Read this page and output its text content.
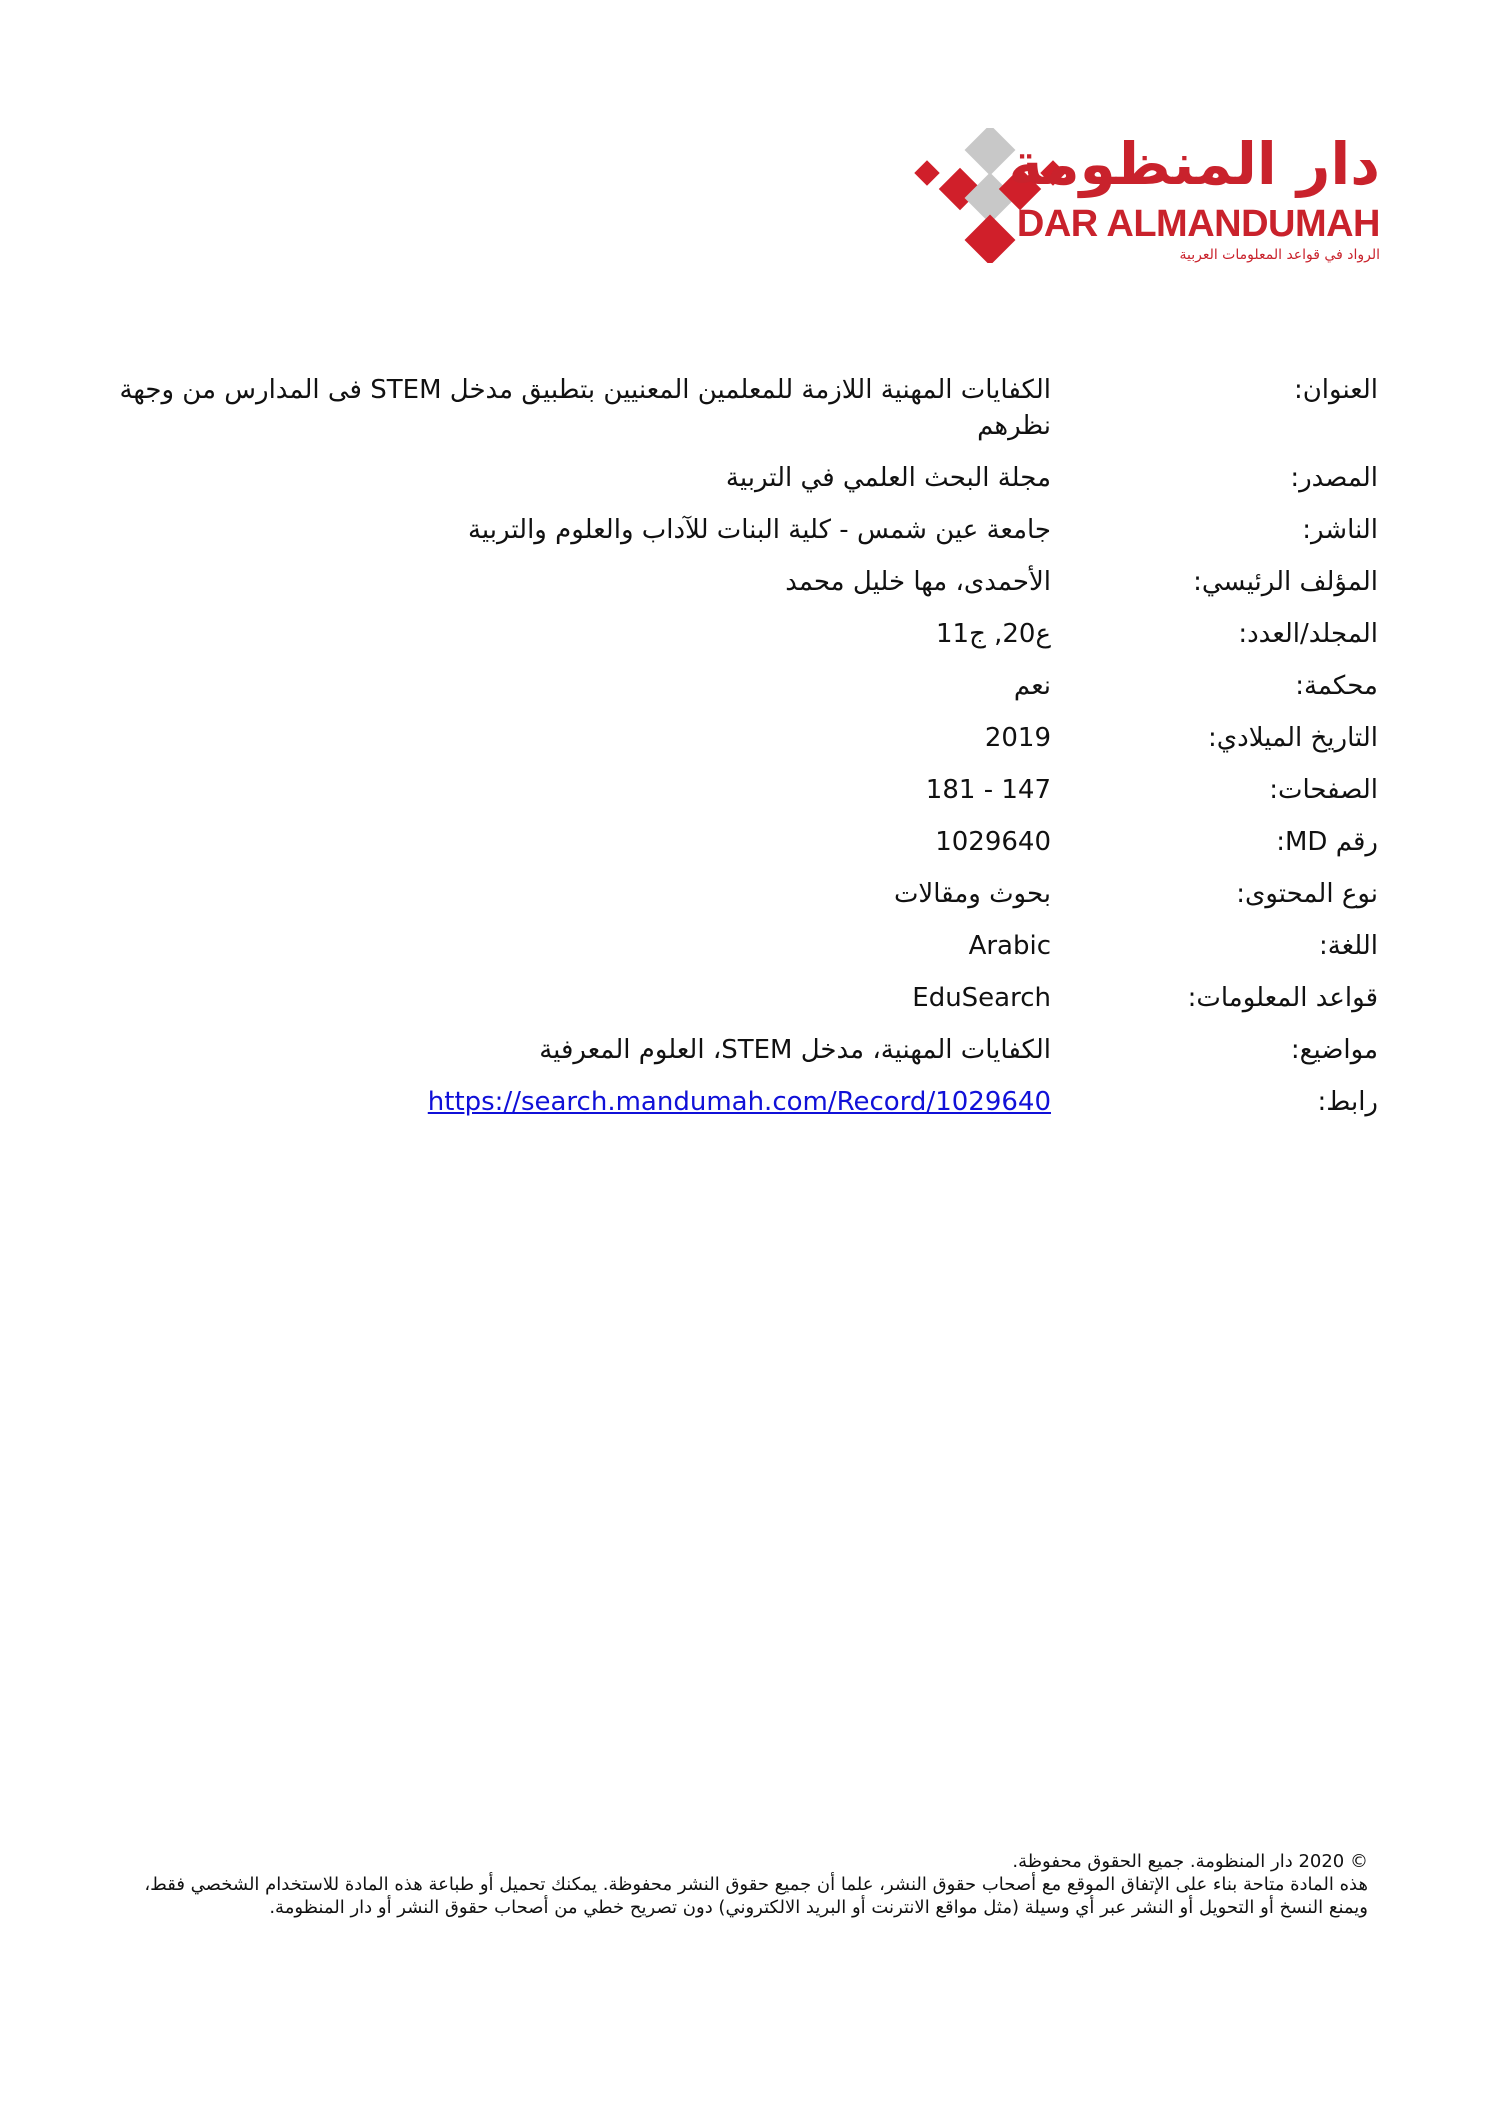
دار المنظومة
DAR ALMANDUMAH
الرواد في قواعد المعلومات العربية
العنوان:
الكفايات المهنية اللازمة للمعلمين المعنيين بتطبيق مدخل STEM فى المدارس من وجهة نظرهم
المصدر:
مجلة البحث العلمي في التربية
الناشر:
جامعة عين شمس - كلية البنات للآداب والعلوم والتربية
المؤلف الرئيسي:
الأحمدى، مها خليل محمد
المجلد/العدد:
ع20, ج11
محكمة:
نعم
التاريخ الميلادي:
2019
الصفحات:
147 - 181
رقم MD:
1029640
نوع المحتوى:
بحوث ومقالات
اللغة:
Arabic
قواعد المعلومات:
EduSearch
مواضيع:
الكفايات المهنية، مدخل STEM، العلوم المعرفية
رابط:
https://search.mandumah.com/Record/1029640

© 2020 دار المنظومة. جميع الحقوق محفوظة.

هذه المادة متاحة بناء على الإتفاق الموقع مع أصحاب حقوق النشر، علما أن جميع حقوق النشر محفوظة. يمكنك تحميل أو طباعة هذه المادة للاستخدام الشخصي فقط، ويمنع النسخ أو التحويل أو النشر عبر أي وسيلة (مثل مواقع الانترنت أو البريد الالكتروني) دون تصريح خطي من أصحاب حقوق النشر أو دار المنظومة.
